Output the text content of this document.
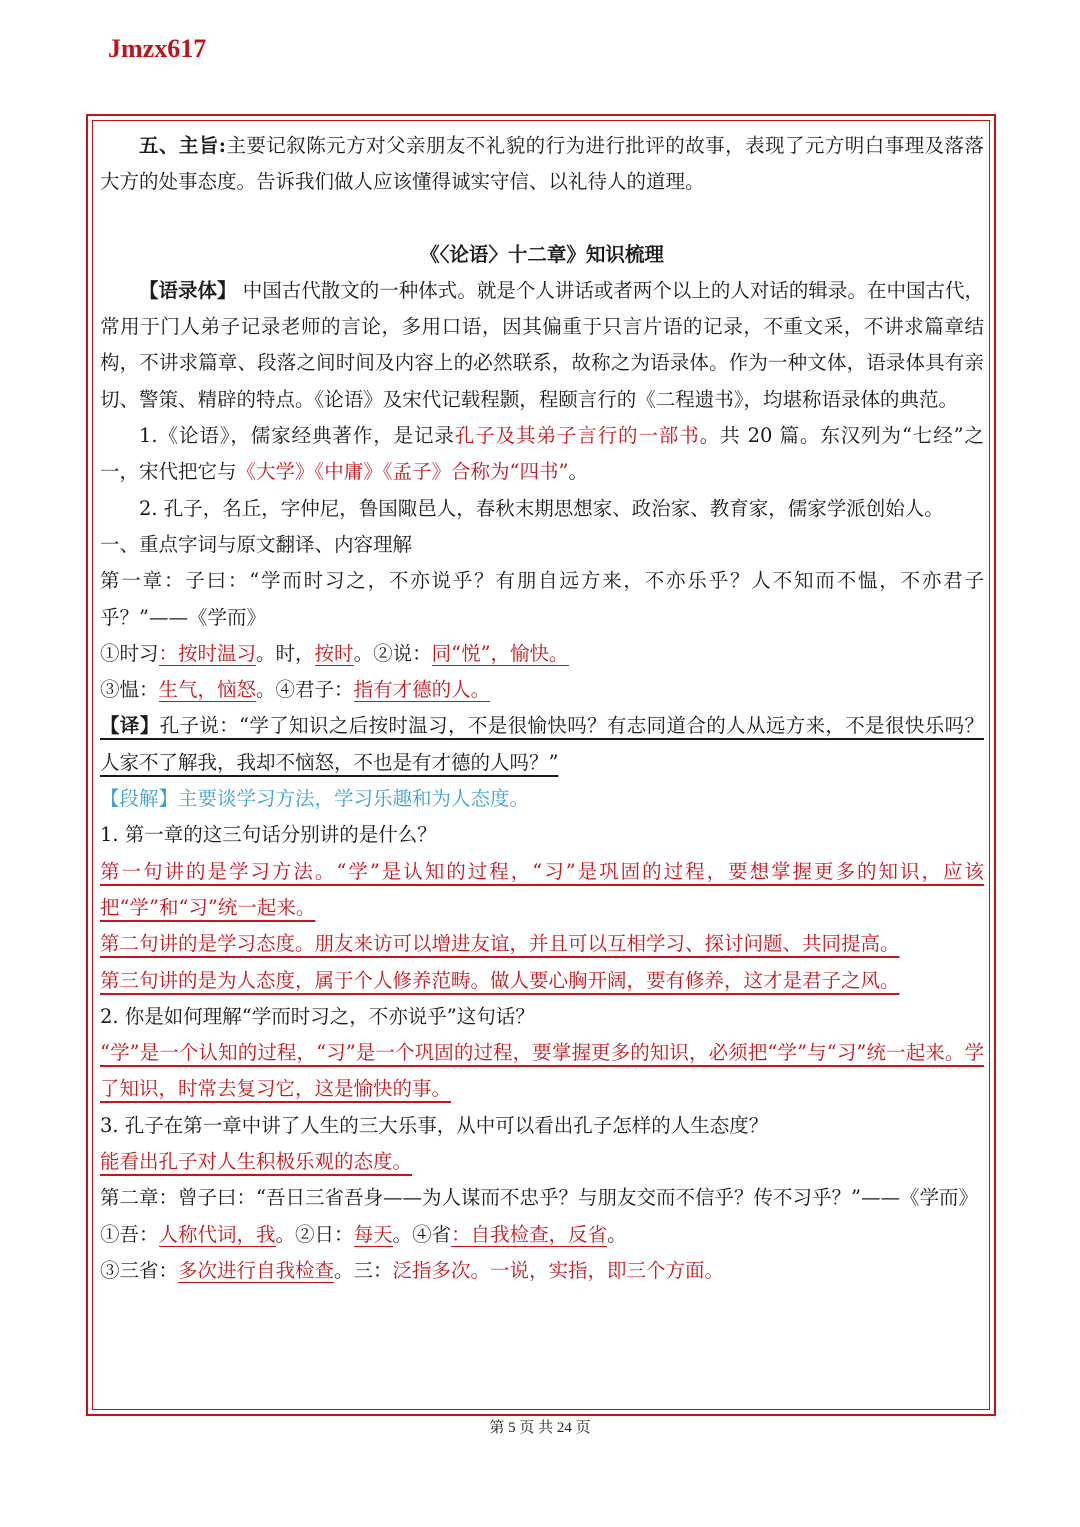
Jmzx617

五、主旨:主要记叙陈元方对父亲朋友不礼貌的行为进行批评的故事，表现了元方明白事理及落落大方的处事态度。告诉我们做人应该懂得诚实守信、以礼待人的道理。

《〈论语〉十二章》知识梳理

【语录体】 中国古代散文的一种体式。就是个人讲话或者两个以上的人对话的辑录。在中国古代，常用于门人弟子记录老师的言论，多用口语，因其偏重于只言片语的记录，不重文采，不讲求篇章结构，不讲求篇章、段落之间时间及内容上的必然联系，故称之为语录体。作为一种文体，语录体具有亲切、警策、精辟的特点。《论语》及宋代记载程颢，程颐言行的《二程遗书》，均堪称语录体的典范。

1.《论语》，儒家经典著作，是记录孔子及其弟子言行的一部书。共 20 篇。东汉列为“七经”之一，宋代把它与《大学》《中庸》《孟子》合称为“四书”。

2. 孔子，名丘，字仲尼，鲁国陬邑人，春秋末期思想家、政治家、教育家，儒家学派创始人。

一、重点字词与原文翻译、内容理解

第一章：子曰：“学而时习之，不亦说乎？有朋自远方来，不亦乐乎？人不知而不愠，不亦君子乎？”——《学而》

①时习：按时温习。时，按时。②说：同“悦”，愉快。

③愠：生气，恼怒。④君子：指有才德的人。

【译】孔子说：“学了知识之后按时温习，不是很愉快吗？有志同道合的人从远方来，不是很快乐吗？人家不了解我，我却不恼怒，不也是有才德的人吗？”

【段解】主要谈学习方法，学习乐趣和为人态度。

1. 第一章的这三句话分别讲的是什么？

第一句讲的是学习方法。“学”是认知的过程，“习”是巩固的过程，要想掌握更多的知识，应该把“学”和“习”统一起来。

第二句讲的是学习态度。朋友来访可以增进友谊，并且可以互相学习、探讨问题、共同提高。

第三句讲的是为人态度，属于个人修养范畴。做人要心胸开阔，要有修养，这才是君子之风。

2. 你是如何理解“学而时习之，不亦说乎”这句话？

“学”是一个认知的过程，“习”是一个巩固的过程，要掌握更多的知识，必须把“学”与“习”统一起来。学了知识，时常去复习它，这是愉快的事。

3. 孔子在第一章中讲了人生的三大乐事，从中可以看出孔子怎样的人生态度？

能看出孔子对人生积极乐观的态度。

第二章：曾子曰：“吾日三省吾身——为人谋而不忠乎？与朋友交而不信乎？传不习乎？”——《学而》

①吾：人称代词，我。②日：每天。④省：自我检查，反省。

③三省：多次进行自我检查。三：泛指多次。一说，实指，即三个方面。

第 5 页 共 24 页
